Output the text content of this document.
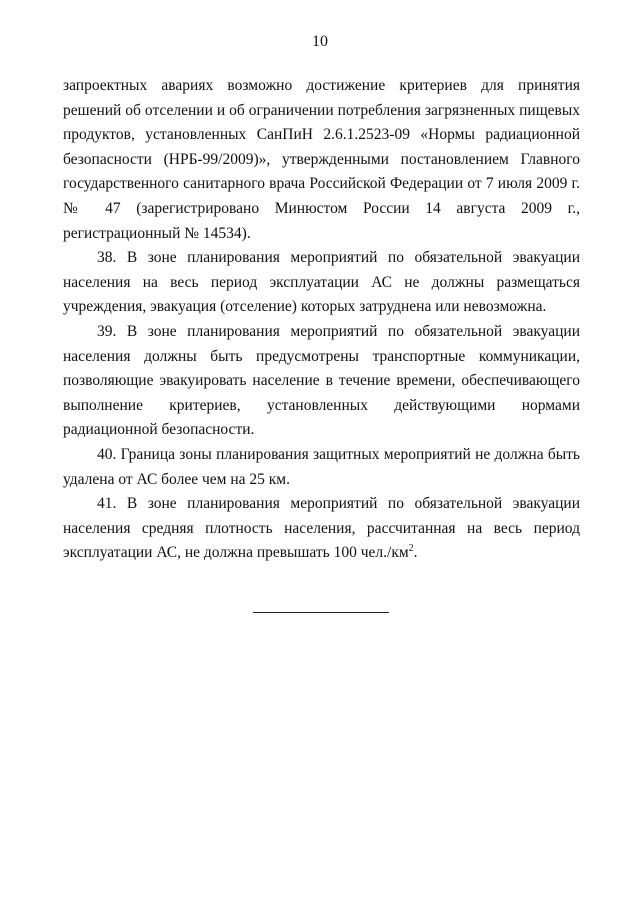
10

запроектных авариях возможно достижение критериев для принятия решений об отселении и об ограничении потребления загрязненных пищевых продуктов, установленных СанПиН 2.6.1.2523-09 «Нормы радиационной безопасности (НРБ-99/2009)», утвержденными постановлением Главного государственного санитарного врача Российской Федерации от 7 июля 2009 г. № 47 (зарегистрировано Минюстом России 14 августа 2009 г., регистрационный № 14534).

38. В зоне планирования мероприятий по обязательной эвакуации населения на весь период эксплуатации АС не должны размещаться учреждения, эвакуация (отселение) которых затруднена или невозможна.

39. В зоне планирования мероприятий по обязательной эвакуации населения должны быть предусмотрены транспортные коммуникации, позволяющие эвакуировать население в течение времени, обеспечивающего выполнение критериев, установленных действующими нормами радиационной безопасности.

40. Граница зоны планирования защитных мероприятий не должна быть удалена от АС более чем на 25 км.

41. В зоне планирования мероприятий по обязательной эвакуации населения средняя плотность населения, рассчитанная на весь период эксплуатации АС, не должна превышать 100 $чел./км^2$.
